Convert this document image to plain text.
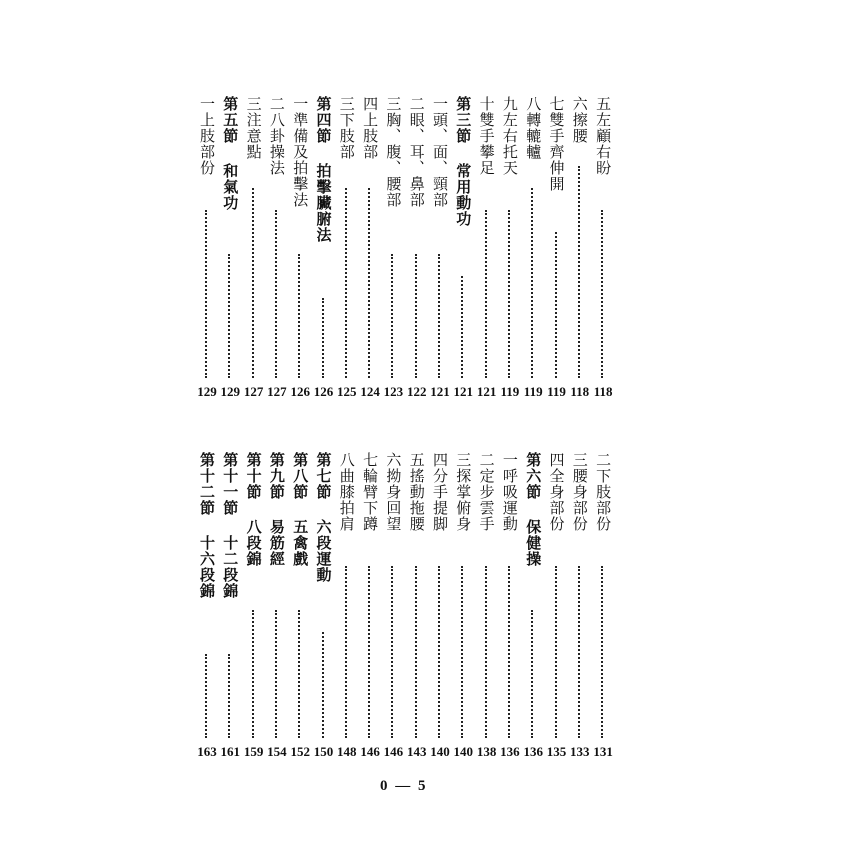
一上肢部份
129
第五節 和氣功
129
三注意點
127
二八卦操法
127
一準備及拍擊法
126
第四節 拍擊臟腑法
126
三下肢部
125
四上肢部
124
三胸、腹、腰部
123
二眼、耳、鼻部
122
一頭、面、頸部
121
第三節 常用動功
121
十雙手攀足
121
九左右托天
119
八轉轆轤
119
七雙手齊伸開
119
六擦腰
118
五左顧右盼
118
第十二節 十六段錦
163
第十一節 十二段錦
161
第十節 八段錦
159
第九節 易筋經
154
第八節 五禽戲
152
第七節 六段運動
150
八曲膝拍肩
148
七輪臂下蹲
146
六拗身回望
146
五搖動拖腰
143
四分手提脚
140
三探掌俯身
140
二定步雲手
138
一呼吸運動
136
第六節 保健操
136
四全身部份
135
三腰身部份
133
二下肢部份
131
0 — 5
